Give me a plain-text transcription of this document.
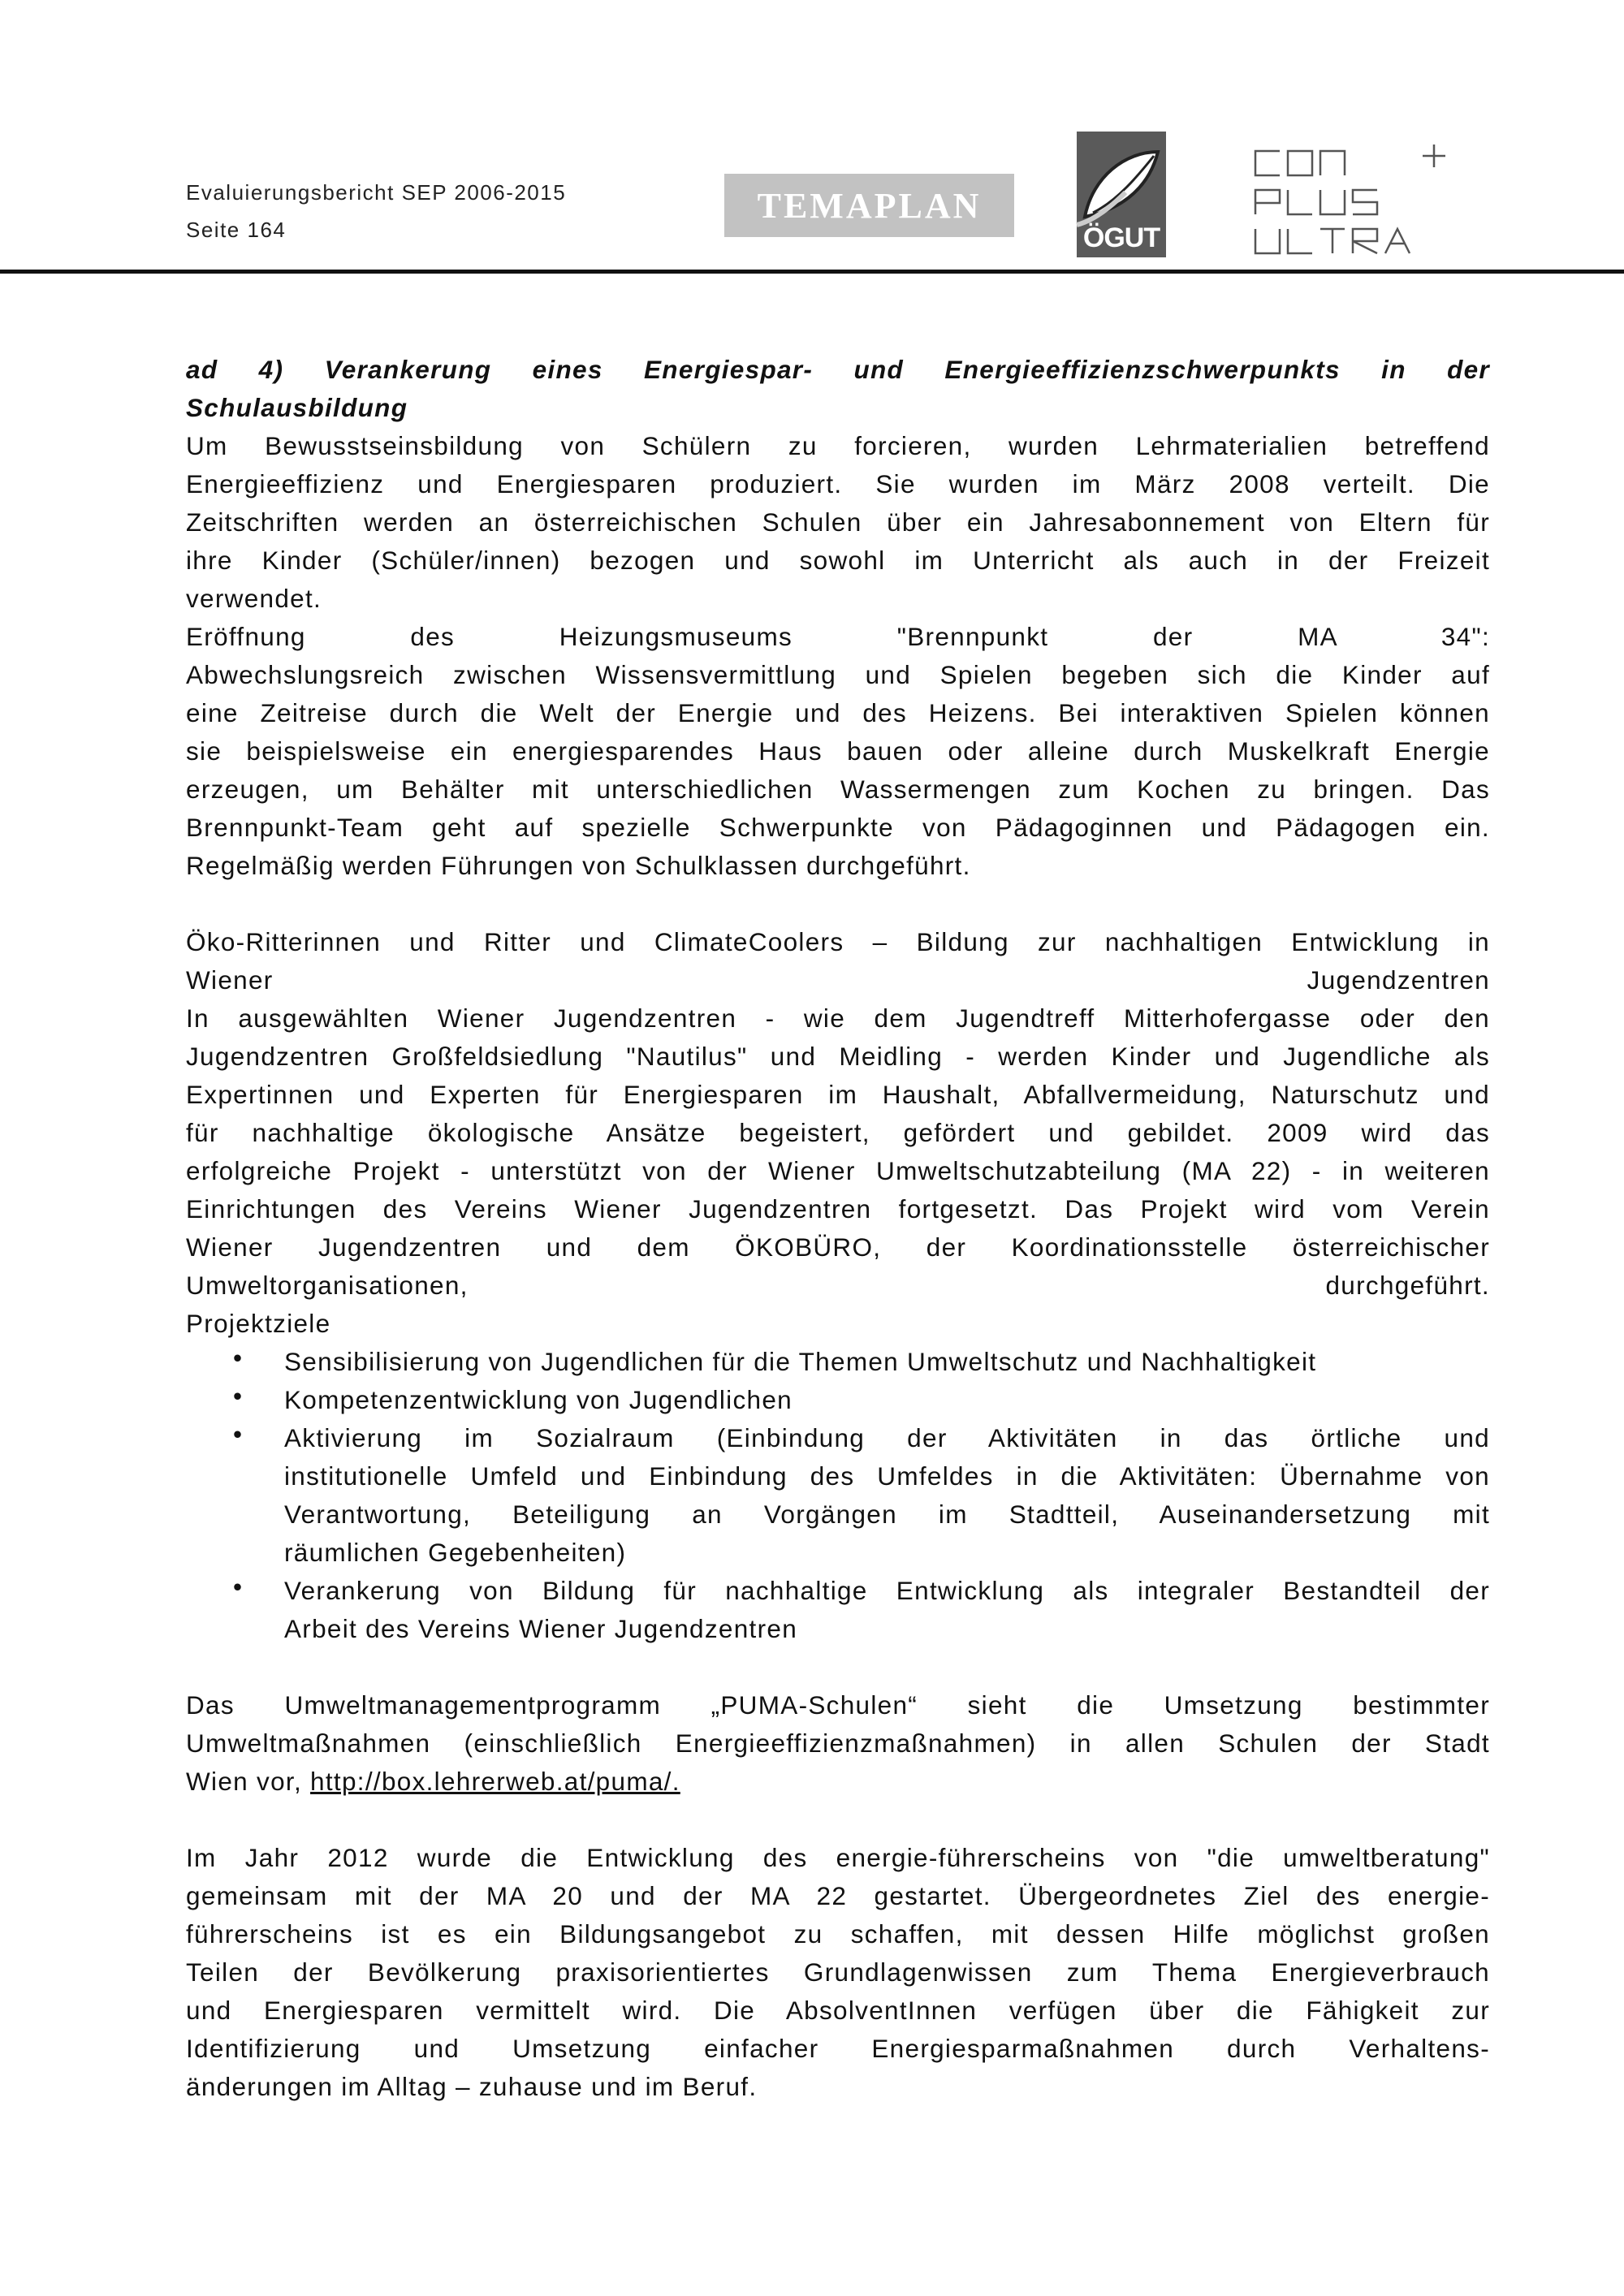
Evaluierungsbericht SEP 2006-2015
Seite 164
TEMAPLAN
ÖGUT
ad 4) Verankerung eines Energiespar- und Energieeffizienzschwerpunkts in der
Schulausbildung
Um Bewusstseinsbildung von Schülern zu forcieren, wurden Lehrmaterialien betreffend
Energieeffizienz und Energiesparen produziert. Sie wurden im März 2008 verteilt. Die
Zeitschriften werden an österreichischen Schulen über ein Jahresabonnement von Eltern für
ihre Kinder (Schüler/innen) bezogen und sowohl im Unterricht als auch in der Freizeit
verwendet.
Eröffnung des Heizungsmuseums "Brennpunkt der MA 34":
Abwechslungsreich zwischen Wissensvermittlung und Spielen begeben sich die Kinder auf
eine Zeitreise durch die Welt der Energie und des Heizens. Bei interaktiven Spielen können
sie beispielsweise ein energiesparendes Haus bauen oder alleine durch Muskelkraft Energie
erzeugen, um Behälter mit unterschiedlichen Wassermengen zum Kochen zu bringen. Das
Brennpunkt-Team geht auf spezielle Schwerpunkte von Pädagoginnen und Pädagogen ein.
Regelmäßig werden Führungen von Schulklassen durchgeführt.
Öko-Ritterinnen und Ritter und ClimateCoolers – Bildung zur nachhaltigen Entwicklung in
Wiener Jugendzentren
In ausgewählten Wiener Jugendzentren - wie dem Jugendtreff Mitterhofergasse oder den
Jugendzentren Großfeldsiedlung "Nautilus" und Meidling - werden Kinder und Jugendliche als
Expertinnen und Experten für Energiesparen im Haushalt, Abfallvermeidung, Naturschutz und
für nachhaltige ökologische Ansätze begeistert, gefördert und gebildet. 2009 wird das
erfolgreiche Projekt - unterstützt von der Wiener Umweltschutzabteilung (MA 22) - in weiteren
Einrichtungen des Vereins Wiener Jugendzentren fortgesetzt. Das Projekt wird vom Verein
Wiener Jugendzentren und dem ÖKOBÜRO, der Koordinationsstelle österreichischer
Umweltorganisationen, durchgeführt.
Projektziele
• Sensibilisierung von Jugendlichen für die Themen Umweltschutz und Nachhaltigkeit
• Kompetenzentwicklung von Jugendlichen
• Aktivierung im Sozialraum (Einbindung der Aktivitäten in das örtliche und
institutionelle Umfeld und Einbindung des Umfeldes in die Aktivitäten: Übernahme von
Verantwortung, Beteiligung an Vorgängen im Stadtteil, Auseinandersetzung mit
räumlichen Gegebenheiten)
• Verankerung von Bildung für nachhaltige Entwicklung als integraler Bestandteil der
Arbeit des Vereins Wiener Jugendzentren
Das Umweltmanagementprogramm „PUMA-Schulen“ sieht die Umsetzung bestimmter
Umweltmaßnahmen (einschließlich Energieeffizienzmaßnahmen) in allen Schulen der Stadt
Wien vor, http://box.lehrerweb.at/puma/.
Im Jahr 2012 wurde die Entwicklung des energie-führerscheins von "die umweltberatung"
gemeinsam mit der MA 20 und der MA 22 gestartet. Übergeordnetes Ziel des energie-
führerscheins ist es ein Bildungsangebot zu schaffen, mit dessen Hilfe möglichst großen
Teilen der Bevölkerung praxisorientiertes Grundlagenwissen zum Thema Energieverbrauch
und Energiesparen vermittelt wird. Die AbsolventInnen verfügen über die Fähigkeit zur
Identifizierung und Umsetzung einfacher Energiesparmaßnahmen durch Verhaltens-
änderungen im Alltag – zuhause und im Beruf.
